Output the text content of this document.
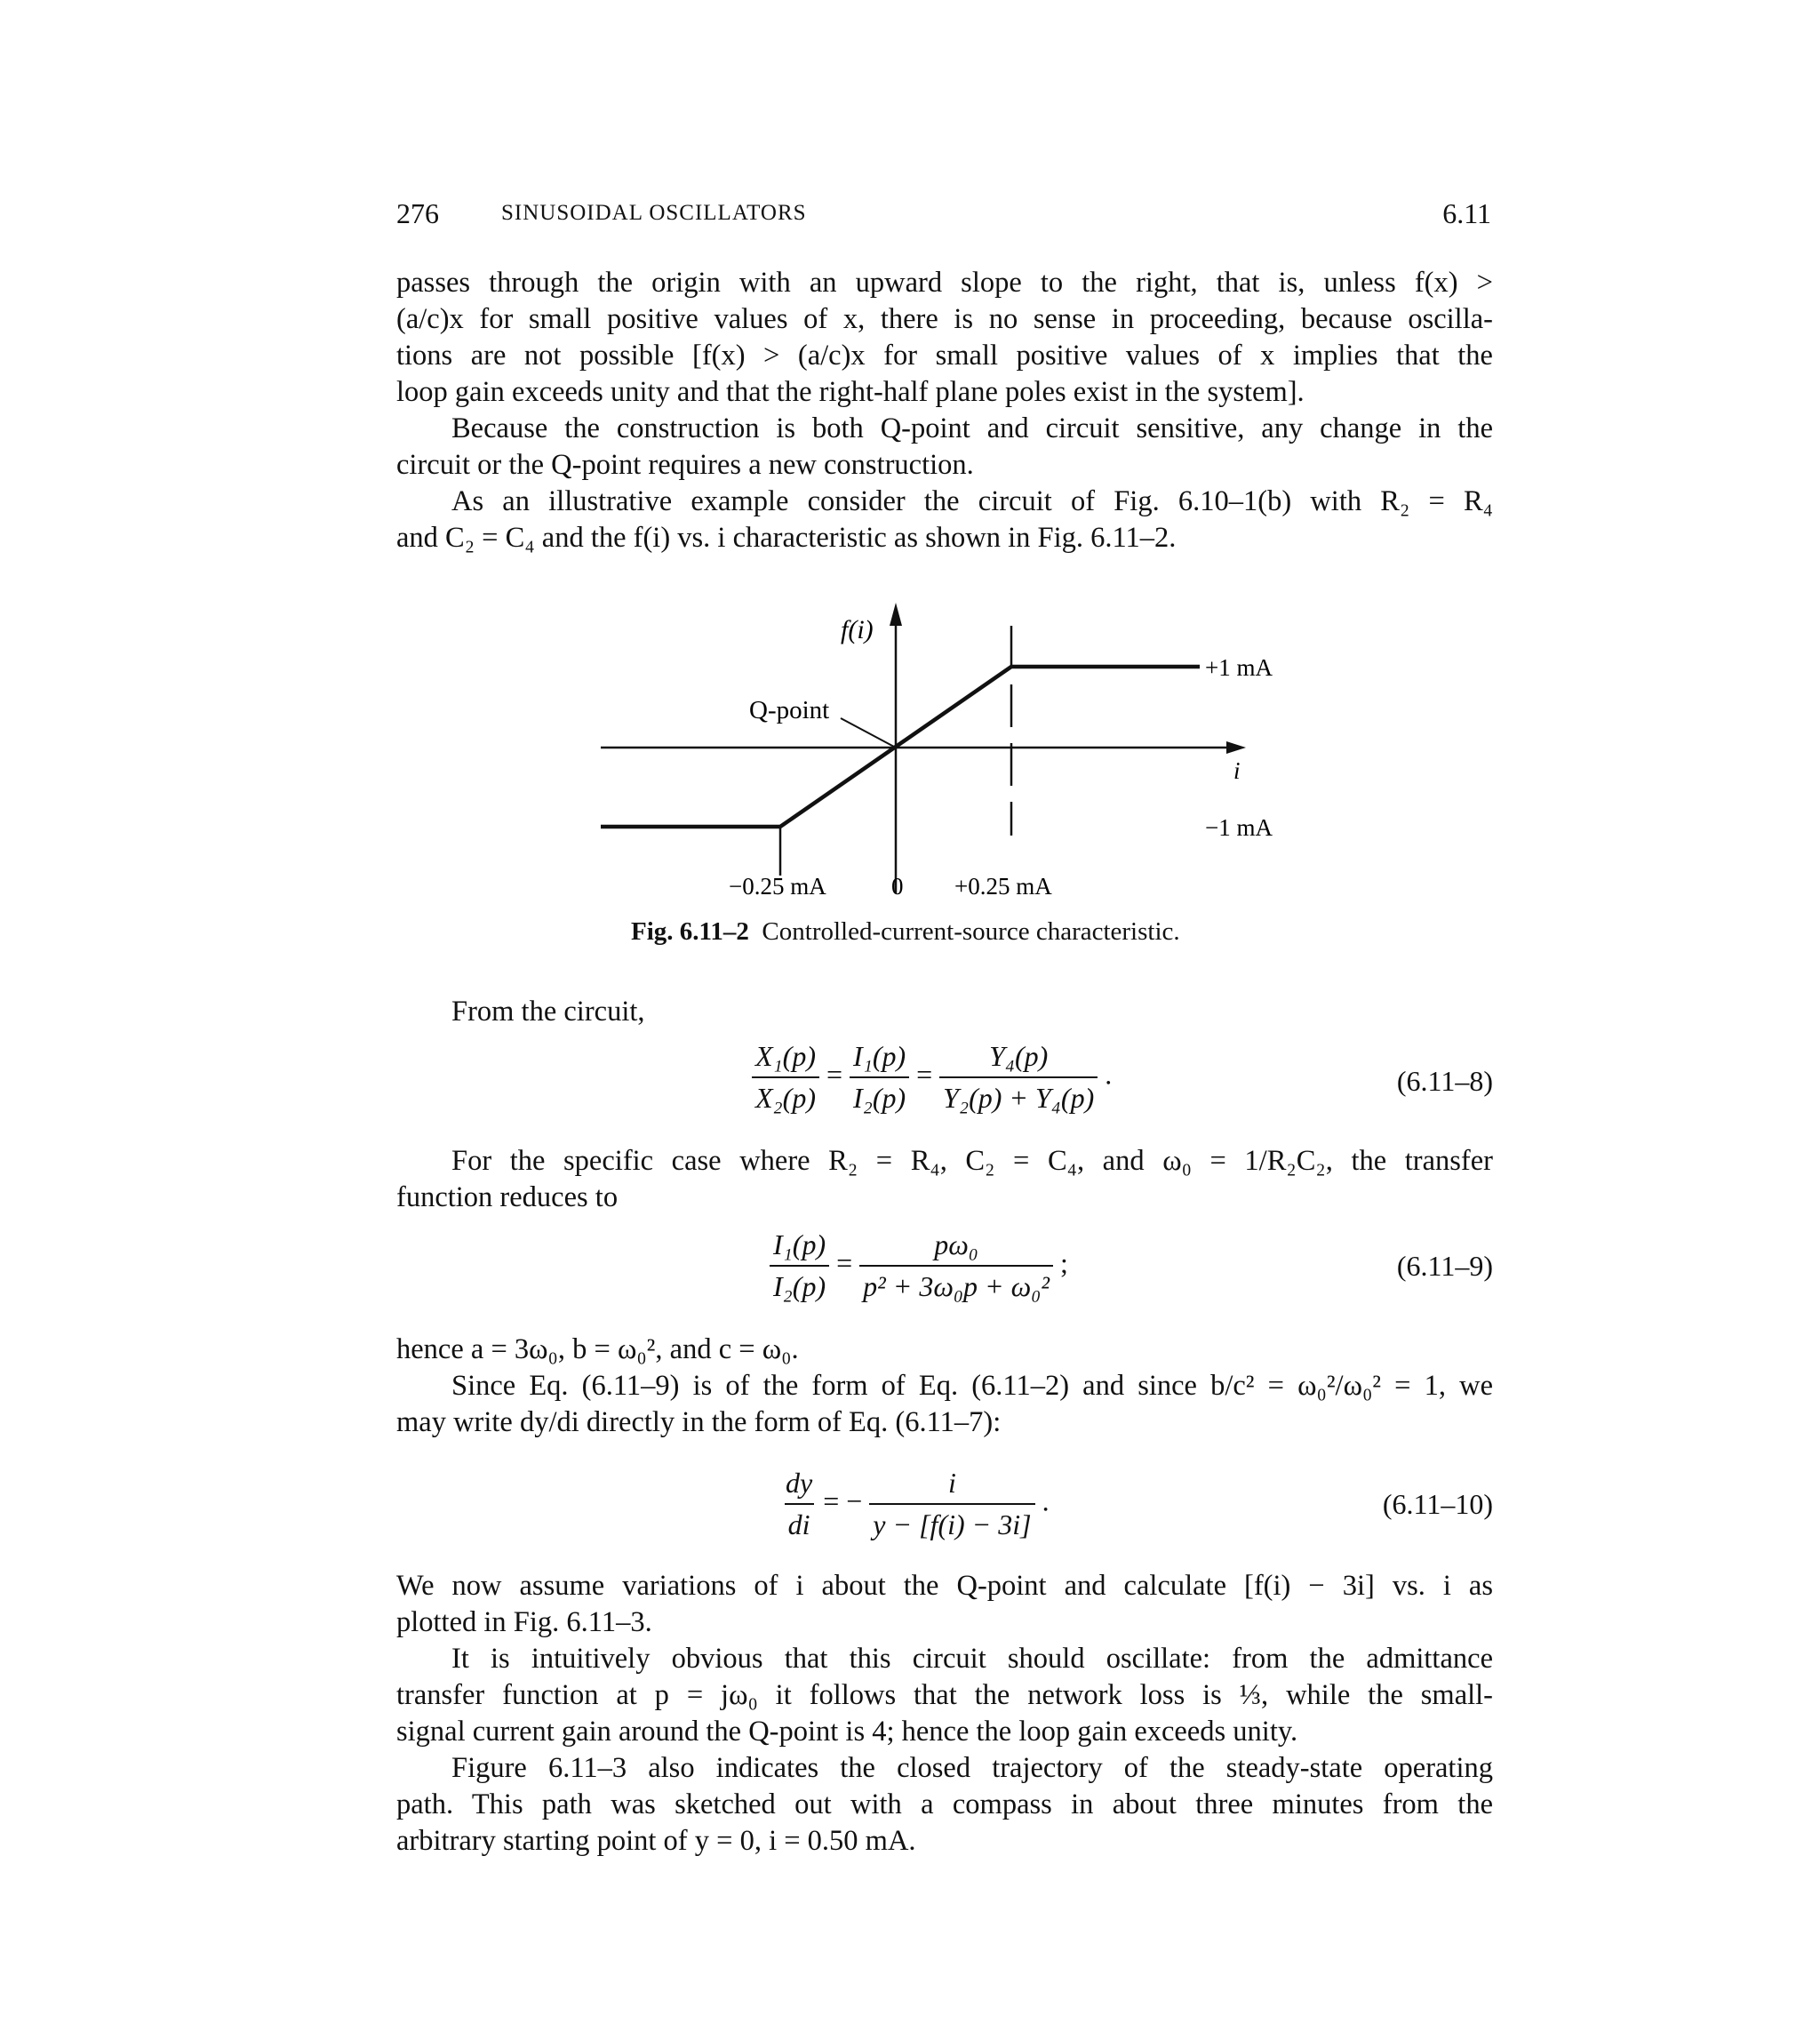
276	SINUSOIDAL OSCILLATORS	6.11
passes through the origin with an upward slope to the right, that is, unless f(x) >
(a/c)x for small positive values of x, there is no sense in proceeding, because oscilla-
tions are not possible [f(x) > (a/c)x for small positive values of x implies that the
loop gain exceeds unity and that the right-half plane poles exist in the system].
Because the construction is both Q-point and circuit sensitive, any change in the
circuit or the Q-point requires a new construction.
As an illustrative example consider the circuit of Fig. 6.10–1(b) with R₂ = R₄
and C₂ = C₄ and the f(i) vs. i characteristic as shown in Fig. 6.11–2.
f(i)
Q-point
+1 mA
i
−1 mA
−0.25 mA	0 +0.25 mA
Fig. 6.11–2 Controlled-current-source characteristic.
From the circuit,
$\frac{\text{X₁(p)}}{\text{X₂(p)}} = \frac{\text{I₁(p)}}{\text{I₂(p)}} = \frac{\text{Y₄(p)}}{\text{Y₂(p) + Y₄(p)}}$ .	(6.11–8)
For the specific case where R₂ = R₄, C₂ = C₄, and ω₀ = 1/R₂C₂, the transfer
function reduces to
$\frac{\text{I₁(p)}}{\text{I₂(p)}} = \frac{\text{pω₀}}{\text{p² + 3ω₀p + ω₀²}}$ ;	(6.11–9)
hence a = 3ω₀, b = ω₀², and c = ω₀.
Since Eq. (6.11–9) is of the form of Eq. (6.11–2) and since b/c² = ω₀²/ω₀² = 1, we
may write dy/di directly in the form of Eq. (6.11–7):
$\frac{dy}{di}$ = − $\frac{i}{y - [f(i) - 3i]}$ .	(6.11–10)
We now assume variations of i about the Q-point and calculate [f(i) − 3i] vs. i as
plotted in Fig. 6.11–3.
It is intuitively obvious that this circuit should oscillate: from the admittance
transfer function at p = jω₀ it follows that the network loss is ⅓, while the small-
signal current gain around the Q-point is 4; hence the loop gain exceeds unity.
Figure 6.11–3 also indicates the closed trajectory of the steady-state operating
path. This path was sketched out with a compass in about three minutes from the
arbitrary starting point of y = 0, i = 0.50 mA.
